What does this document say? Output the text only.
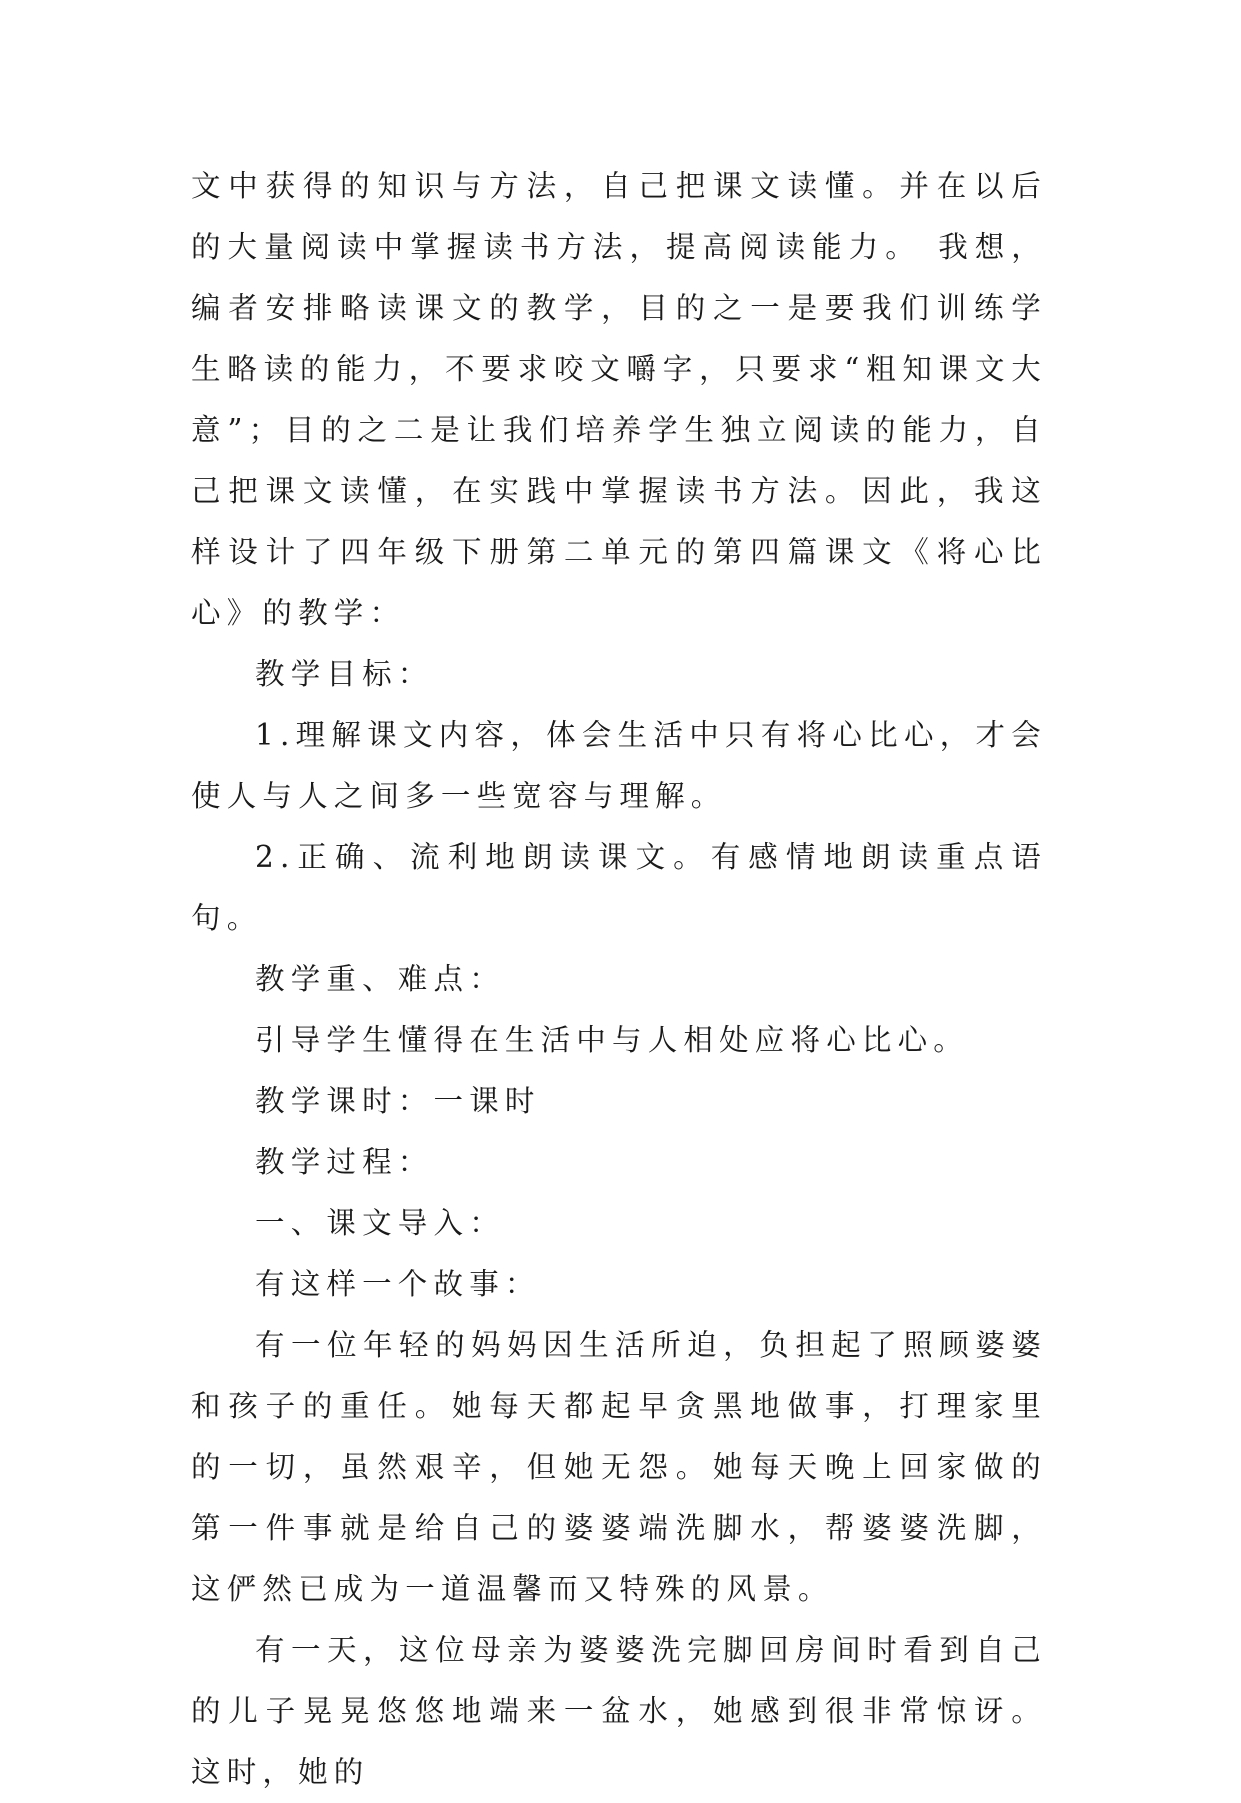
文中获得的知识与方法，自己把课文读懂。并在以后的大量阅读中掌握读书方法，提高阅读能力。 我想，编者安排略读课文的教学，目的之一是要我们训练学生略读的能力，不要求咬文嚼字，只要求“粗知课文大意”；目的之二是让我们培养学生独立阅读的能力，自己把课文读懂，在实践中掌握读书方法。因此，我这样设计了四年级下册第二单元的第四篇课文《将心比心》的教学：

教学目标：

1.理解课文内容，体会生活中只有将心比心，才会使人与人之间多一些宽容与理解。

2.正确、流利地朗读课文。有感情地朗读重点语句。

教学重、难点：

引导学生懂得在生活中与人相处应将心比心。

教学课时：一课时

教学过程：

一、课文导入：

有这样一个故事：

有一位年轻的妈妈因生活所迫，负担起了照顾婆婆和孩子的重任。她每天都起早贪黑地做事，打理家里的一切，虽然艰辛，但她无怨。她每天晚上回家做的第一件事就是给自己的婆婆端洗脚水，帮婆婆洗脚，这俨然已成为一道温馨而又特殊的风景。

有一天，这位母亲为婆婆洗完脚回房间时看到自己的儿子晃晃悠悠地端来一盆水，她感到很非常惊讶。这时，她的
